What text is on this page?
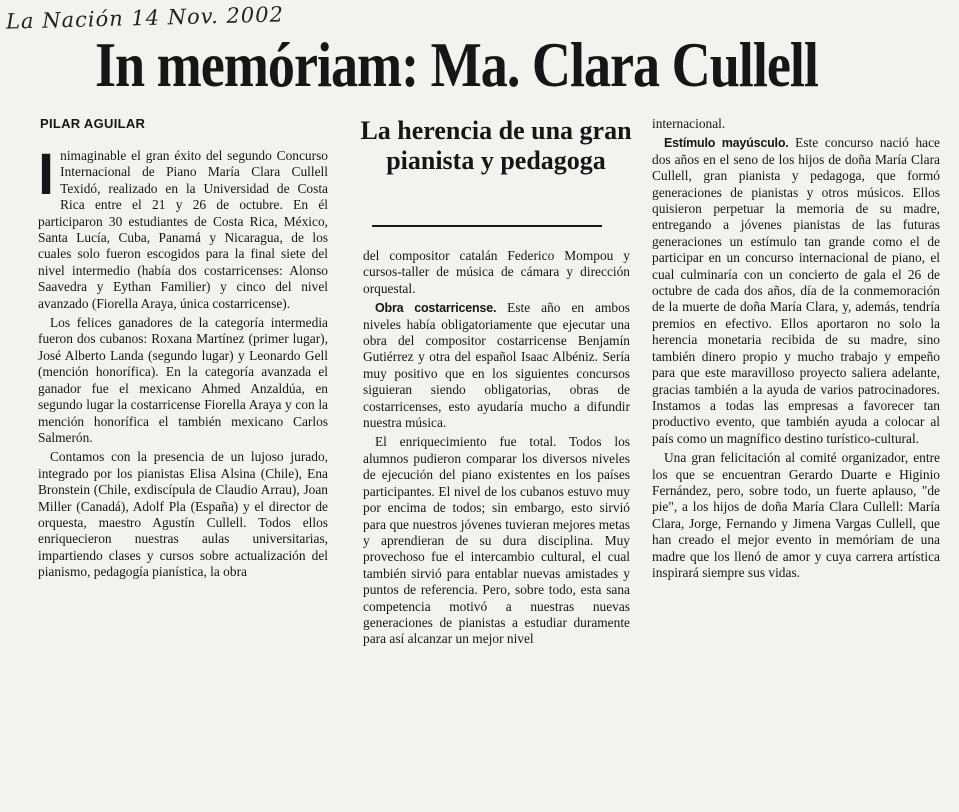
La Nación 14 Nov. 2002
In memóriam: Ma. Clara Cullell
PILAR AGUILAR

Inimaginable el gran éxito del segundo Concurso Internacional de Piano María Clara Cullell Texidó, realizado en la Universidad de Costa Rica entre el 21 y 26 de octubre. En él participaron 30 estudiantes de Costa Rica, México, Santa Lucía, Cuba, Panamá y Nicaragua, de los cuales solo fueron escogidos para la final siete del nivel intermedio (había dos costarricenses: Alonso Saavedra y Eythan Familier) y cinco del nivel avanzado (Fiorella Araya, única costarricense).

Los felices ganadores de la categoría intermedia fueron dos cubanos: Roxana Martínez (primer lugar), José Alberto Landa (segundo lugar) y Leonardo Gell (mención honorífica). En la categoría avanzada el ganador fue el mexicano Ahmed Anzaldúa, en segundo lugar la costarricense Fiorella Araya y con la mención honorífica el también mexicano Carlos Salmerón.

Contamos con la presencia de un lujoso jurado, integrado por los pianistas Elisa Alsina (Chile), Ena Bronstein (Chile, exdiscípula de Claudio Arrau), Joan Miller (Canadá), Adolf Pla (España) y el director de orquesta, maestro Agustín Cullell. Todos ellos enriquecieron nuestras aulas universitarias, impartiendo clases y cursos sobre actualización del pianismo, pedagogía pianística, la obra

La herencia de una gran pianista y pedagoga

del compositor catalán Federico Mompou y cursos-taller de música de cámara y dirección orquestal.

Obra costarricense. Este año en ambos niveles había obligatoriamente que ejecutar una obra del compositor costarricense Benjamín Gutiérrez y otra del español Isaac Albéniz. Sería muy positivo que en los siguientes concursos siguieran siendo obligatorias, obras de costarricenses, esto ayudaría mucho a difundir nuestra música.

El enriquecimiento fue total. Todos los alumnos pudieron comparar los diversos niveles de ejecución del piano existentes en los países participantes. El nivel de los cubanos estuvo muy por encima de todos; sin embargo, esto sirvió para que nuestros jóvenes tuvieran mejores metas y aprendieran de su dura disciplina. Muy provechoso fue el intercambio cultural, el cual también sirvió para entablar nuevas amistades y puntos de referencia. Pero, sobre todo, esta sana competencia motivó a nuestras nuevas generaciones de pianistas a estudiar duramente para así alcanzar un mejor nivel

internacional.

Estímulo mayúsculo. Este concurso nació hace dos años en el seno de los hijos de doña María Clara Cullell, gran pianista y pedagoga, que formó generaciones de pianistas y otros músicos. Ellos quisieron perpetuar la memoria de su madre, entregando a jóvenes pianistas de las futuras generaciones un estímulo tan grande como el de participar en un concurso internacional de piano, el cual culminaría con un concierto de gala el 26 de octubre de cada dos años, día de la conmemoración de la muerte de doña María Clara, y, además, tendría premios en efectivo. Ellos aportaron no solo la herencia monetaria recibida de su madre, sino también dinero propio y mucho trabajo y empeño para que este maravilloso proyecto saliera adelante, gracias también a la ayuda de varios patrocinadores. Instamos a todas las empresas a favorecer tan productivo evento, que también ayuda a colocar al país como un magnífico destino turístico-cultural.

Una gran felicitación al comité organizador, entre los que se encuentran Gerardo Duarte e Higinio Fernández, pero, sobre todo, un fuerte aplauso, "de pie", a los hijos de doña María Clara Cullell: María Clara, Jorge, Fernando y Jimena Vargas Cullell, que han creado el mejor evento in memóriam de una madre que los llenó de amor y cuya carrera artística inspirará siempre sus vidas.
